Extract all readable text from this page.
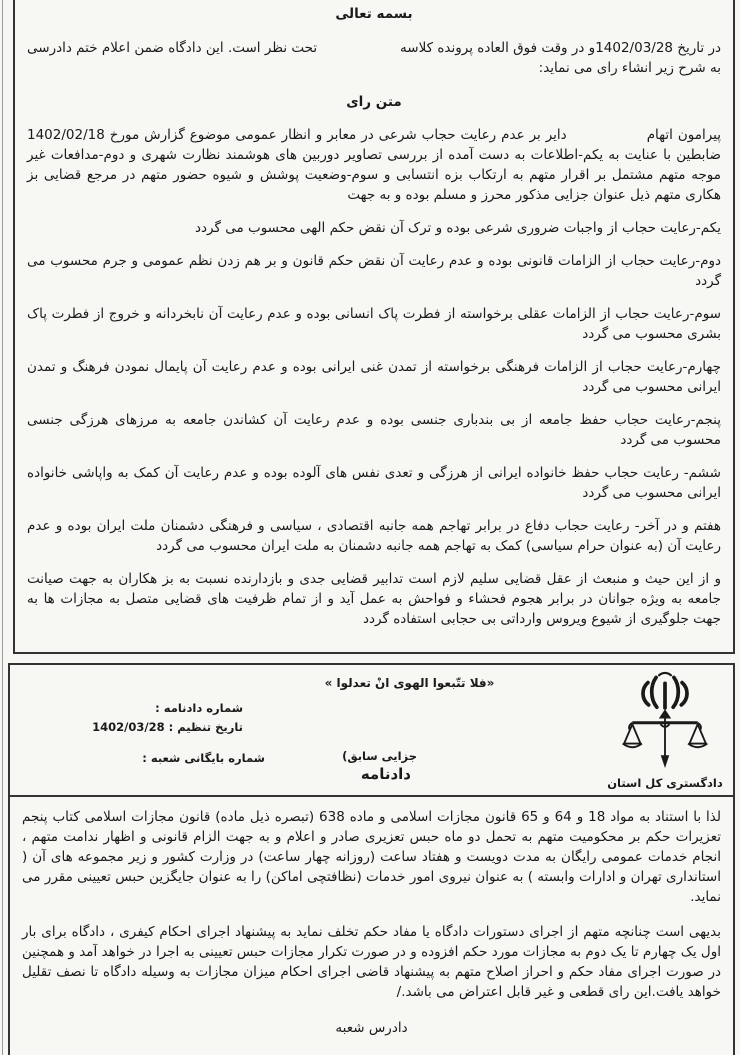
بسمه تعالی

در تاریخ 1402/03/28و در وقت فوق العاده پرونده کلاسه
تحت نظر است. این دادگاه ضمن اعلام ختم دادرسی
به شرح زیر انشاء رای می نماید:

متن رای

پیرامون اتهامدایر بر عدم رعایت حجاب شرعی در معابر و انظار عمومی موضوع گزارش مورخ 1402/02/18 ضابطین با عنایت به یکم-اطلاعات به دست آمده از بررسی تصاویر دوربین های هوشمند نظارت شهری و دوم-مدافعات غیر موجه متهم مشتمل بر اقرار متهم به ارتکاب بزه انتسابی و سوم-وضعیت پوشش و شیوه حضور متهم در مرجع قضایی بز هکاری متهم ذیل عنوان جزایی مذکور محرز و مسلم بوده و به جهت

یکم-رعایت حجاب از واجبات ضروری شرعی بوده و ترک آن نقض حکم الهی محسوب می گردد

دوم-رعایت حجاب از الزامات قانونی بوده و عدم رعایت آن نقض حکم قانون و بر هم زدن نظم عمومی و جرم محسوب می گردد

سوم-رعایت حجاب از الزامات عقلی برخواسته از فطرت پاک انسانی بوده و عدم رعایت آن نابخردانه و خروج از فطرت پاک بشری محسوب می گردد

چهارم-رعایت حجاب از الزامات فرهنگی برخواسته از تمدن غنی ایرانی بوده و عدم رعایت آن پایمال نمودن فرهنگ و تمدن ایرانی محسوب می گردد

پنجم-رعایت حجاب حفظ جامعه از بی بندباری جنسی بوده و عدم رعایت آن کشاندن جامعه به مرزهای هرزگی جنسی محسوب می گردد

ششم- رعایت حجاب حفظ خانواده ایرانی از هرزگی و تعدی نفس های آلوده بوده و عدم رعایت آن کمک به واپاشی خانواده ایرانی محسوب می گردد

هفتم و در آخر- رعایت حجاب دفاع در برابر تهاجم همه جانبه اقتصادی ، سیاسی و فرهنگی دشمنان ملت ایران بوده و عدم رعایت آن (به عنوان حرام سیاسی) کمک به تهاجم همه جانبه دشمنان به ملت ایران محسوب می گردد

و از این حیث و منبعث از عقل قضایی سلیم لازم است تدابیر قضایی جدی و بازدارنده نسبت به بز هکاران به جهت صیانت جامعه به ویژه جوانان در برابر هجوم فحشاء و فواحش به عمل آید و از تمام ظرفیت های قضایی متصل به مجازات ها به جهت جلوگیری از شیوع ویروس وارداتی بی حجابی استفاده گردد

«فلا تتّبعوا الهوی انْ تعدلوا »
دادگستری کل استان
شماره دادنامه :
تاریخ تنظیم : 1402/03/28
شماره بایگانی شعبه :	جزایی سابق)
دادنامه

لذا با استناد به مواد 18 و 64 و 65 قانون مجازات اسلامی و ماده 638 (تبصره ذیل ماده) قانون مجازات اسلامی کتاب پنجم تعزیرات حکم بر محکومیت متهم به تحمل دو ماه حبس تعزیری صادر و اعلام و به جهت الزام قانونی و اظهار ندامت متهم ، انجام خدمات عمومی رایگان به مدت دویست و هفتاد ساعت (روزانه چهار ساعت) در وزارت کشور و زیر مجموعه های آن ( استانداری تهران و ادارات وابسته ) به عنوان نیروی امور خدمات (نظافتچی اماکن) را به عنوان جایگزین حبس تعیینی مقرر می نماید.

بدیهی است چنانچه متهم از اجرای دستورات دادگاه یا مفاد حکم تخلف نماید به پیشنهاد اجرای احکام کیفری ، دادگاه برای بار اول یک چهارم تا یک دوم به مجازات مورد حکم افزوده و در صورت تکرار مجازات حبس تعیینی به اجرا در خواهد آمد و همچنین در صورت اجرای مفاد حکم و احراز اصلاح متهم به پیشنهاد قاضی اجرای احکام میزان مجازات به وسیله دادگاه تا نصف تقلیل خواهد یافت.این رای قطعی و غیر قابل اعتراض می باشد./

دادرس شعبه
